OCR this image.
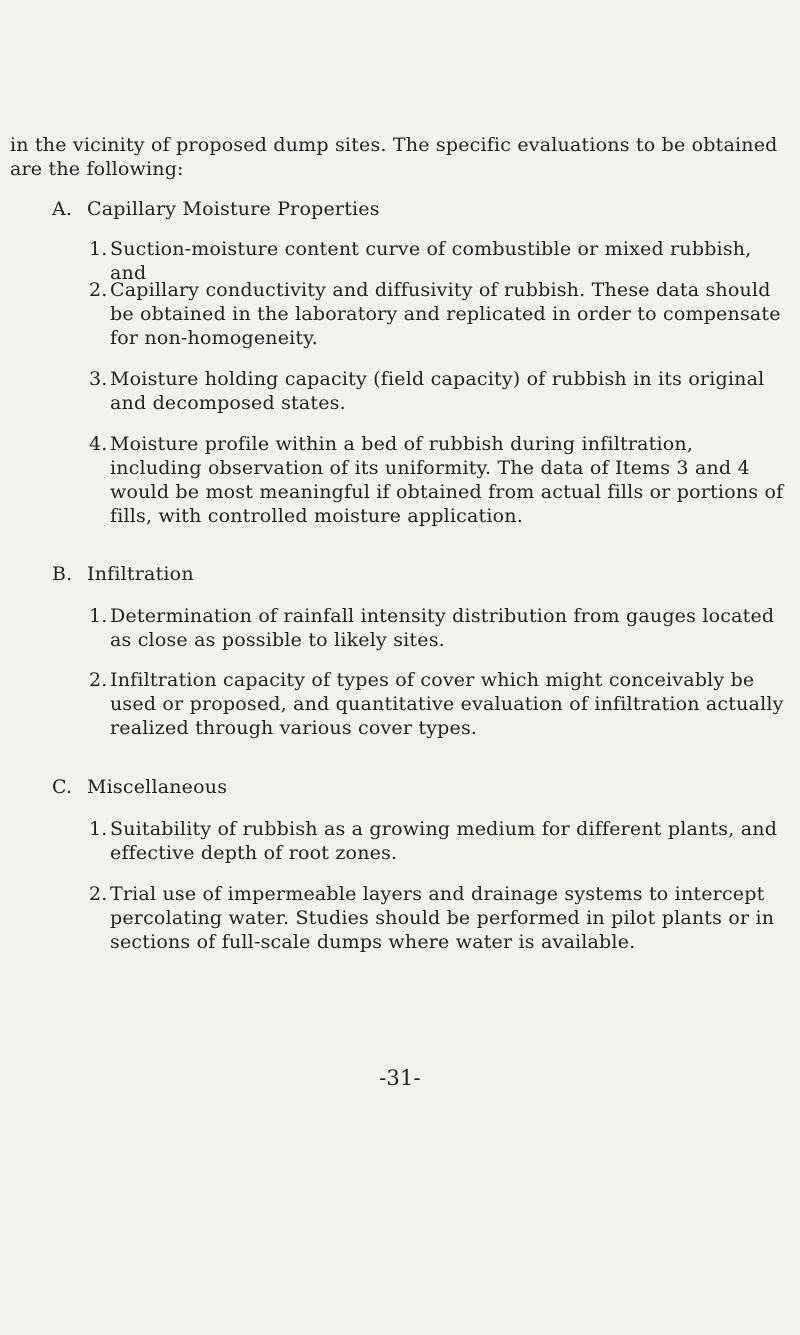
in the vicinity of proposed dump sites. The specific evaluations to be obtained are the following:

A. Capillary Moisture Properties
1. Suction-moisture content curve of combustible or mixed rubbish, and

2. Capillary conductivity and diffusivity of rubbish. These data should be obtained in the laboratory and replicated in order to compensate for non-homogeneity.

3. Moisture holding capacity (field capacity) of rubbish in its original and decomposed states.

4. Moisture profile within a bed of rubbish during infiltration, including observation of its uniformity. The data of Items 3 and 4 would be most meaningful if obtained from actual fills or portions of fills, with controlled moisture application.

B. Infiltration
1. Determination of rainfall intensity distribution from gauges located as close as possible to likely sites.

2. Infiltration capacity of types of cover which might conceivably be used or proposed, and quantitative evaluation of infiltration actually realized through various cover types.

C. Miscellaneous
1. Suitability of rubbish as a growing medium for different plants, and effective depth of root zones.

2. Trial use of impermeable layers and drainage systems to intercept percolating water. Studies should be performed in pilot plants or in sections of full-scale dumps where water is available.

-31-
